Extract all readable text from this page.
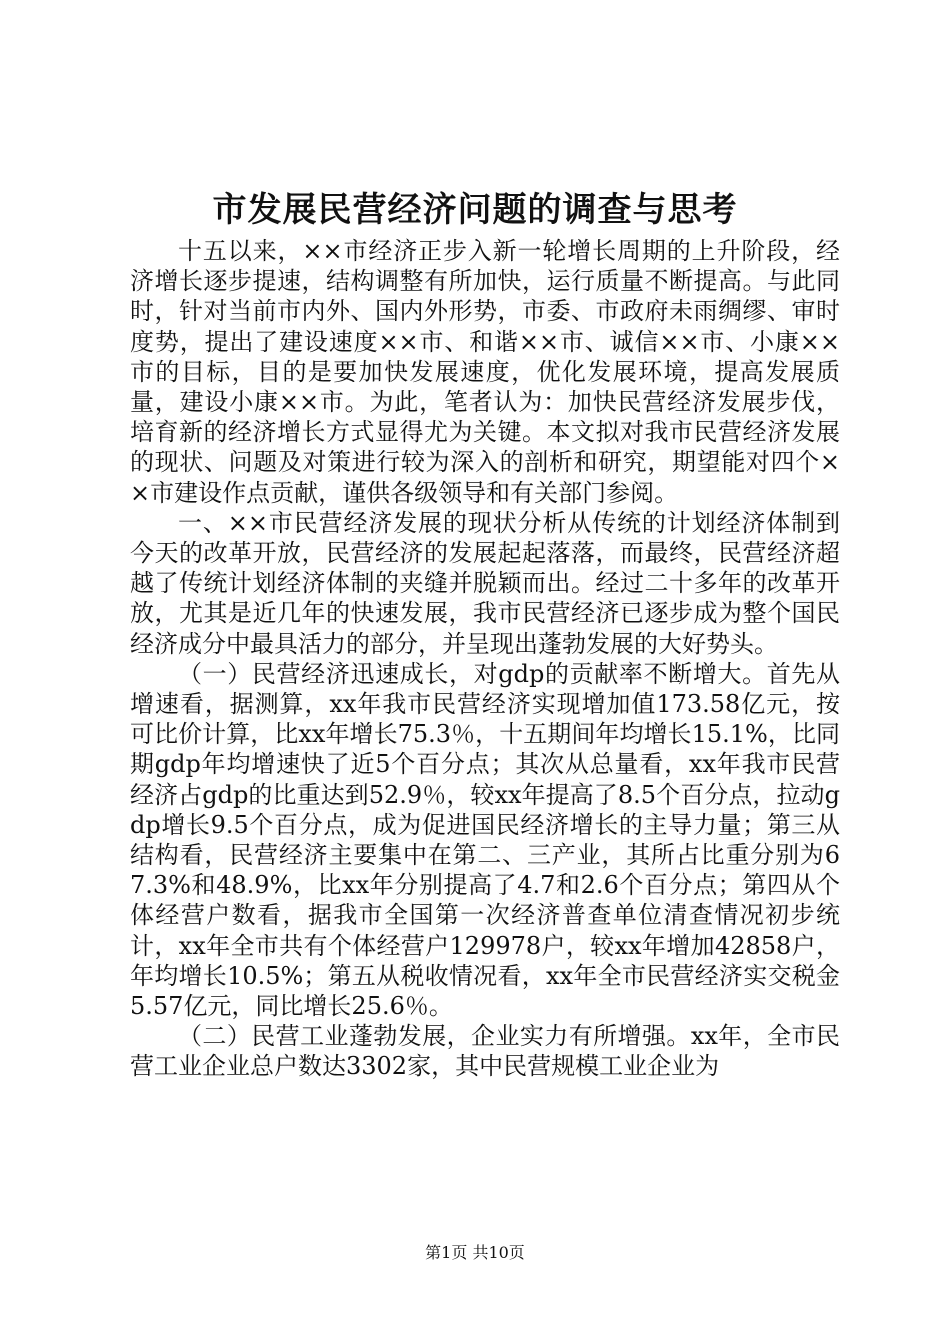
市发展民营经济问题的调查与思考

十五以来，××市经济正步入新一轮增长周期的上升阶段，经济增长逐步提速，结构调整有所加快，运行质量不断提高。与此同时，针对当前市内外、国内外形势，市委、市政府未雨绸缪、审时度势，提出了建设速度××市、和谐××市、诚信××市、小康××市的目标，目的是要加快发展速度，优化发展环境，提高发展质量，建设小康××市。为此，笔者认为：加快民营经济发展步伐，培育新的经济增长方式显得尤为关键。本文拟对我市民营经济发展的现状、问题及对策进行较为深入的剖析和研究，期望能对四个××市建设作点贡献，谨供各级领导和有关部门参阅。

一、××市民营经济发展的现状分析从传统的计划经济体制到今天的改革开放，民营经济的发展起起落落，而最终，民营经济超越了传统计划经济体制的夹缝并脱颖而出。经过二十多年的改革开放，尤其是近几年的快速发展，我市民营经济已逐步成为整个国民经济成分中最具活力的部分，并呈现出蓬勃发展的大好势头。

（一）民营经济迅速成长，对gdp的贡献率不断增大。首先从增速看，据测算，xx年我市民营经济实现增加值173.58亿元，按可比价计算，比xx年增长75.3％，十五期间年均增长15.1%，比同期gdp年均增速快了近5个百分点；其次从总量看，xx年我市民营经济占gdp的比重达到52.9％，较xx年提高了8.5个百分点，拉动gdp增长9.5个百分点，成为促进国民经济增长的主导力量；第三从结构看，民营经济主要集中在第二、三产业，其所占比重分别为67.3%和48.9%，比xx年分别提高了4.7和2.6个百分点；第四从个体经营户数看，据我市全国第一次经济普查单位清查情况初步统计，xx年全市共有个体经营户129978户，较xx年增加42858户，年均增长10.5%；第五从税收情况看，xx年全市民营经济实交税金5.57亿元，同比增长25.6％。

（二）民营工业蓬勃发展，企业实力有所增强。xx年，全市民营工业企业总户数达3302家，其中民营规模工业企业为

第1页 共10页
